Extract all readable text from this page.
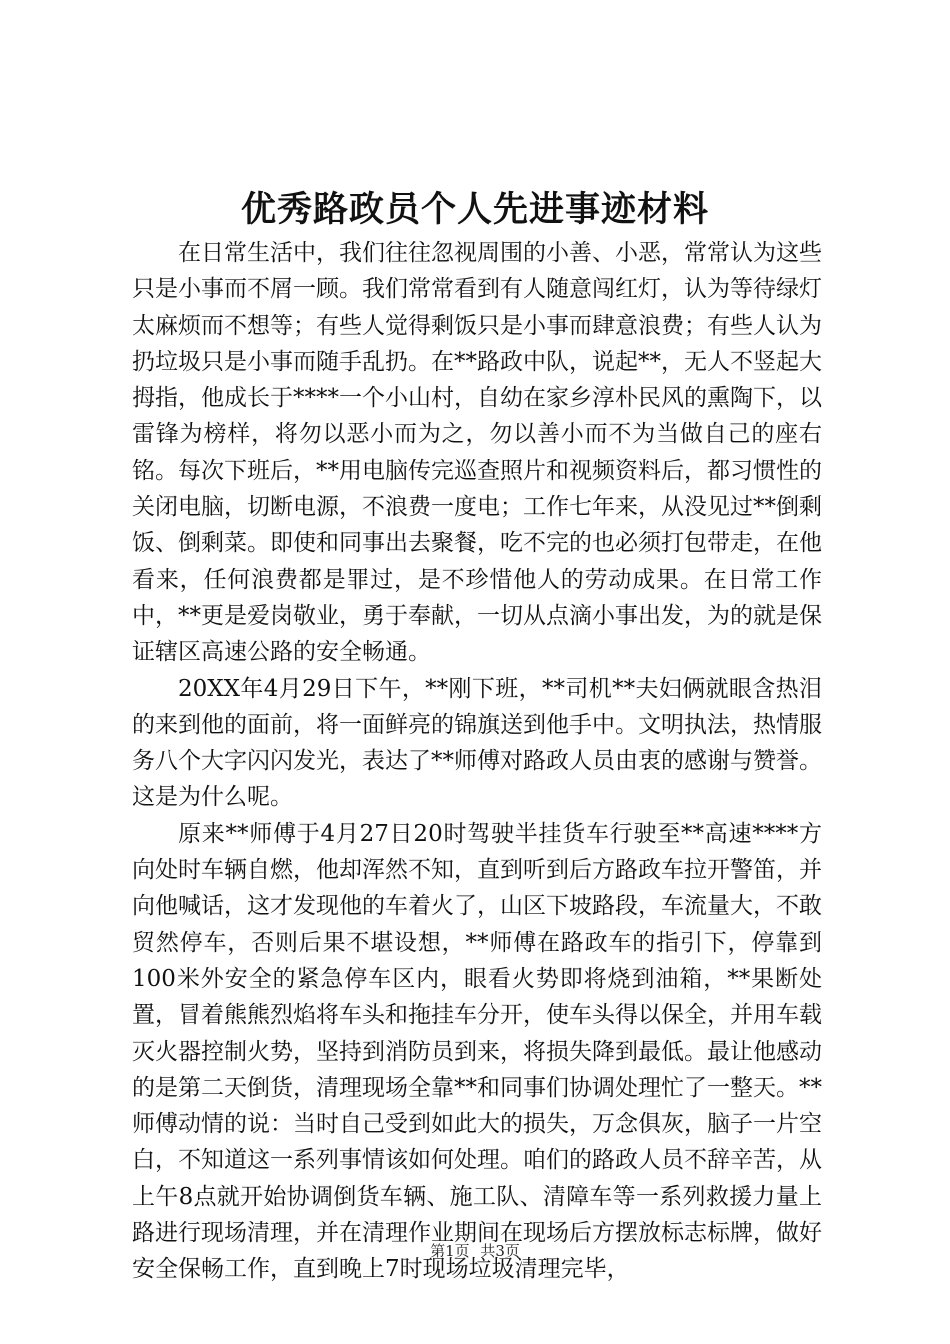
优秀路政员个人先进事迹材料

在日常生活中，我们往往忽视周围的小善、小恶，常常认为这些只是小事而不屑一顾。我们常常看到有人随意闯红灯，认为等待绿灯太麻烦而不想等；有些人觉得剩饭只是小事而肆意浪费；有些人认为扔垃圾只是小事而随手乱扔。在**路政中队，说起**，无人不竖起大拇指，他成长于****一个小山村，自幼在家乡淳朴民风的熏陶下，以雷锋为榜样，将勿以恶小而为之，勿以善小而不为当做自己的座右铭。每次下班后，**用电脑传完巡查照片和视频资料后，都习惯性的关闭电脑，切断电源，不浪费一度电；工作七年来，从没见过**倒剩饭、倒剩菜。即使和同事出去聚餐，吃不完的也必须打包带走，在他看来，任何浪费都是罪过，是不珍惜他人的劳动成果。在日常工作中，**更是爱岗敬业，勇于奉献，一切从点滴小事出发，为的就是保证辖区高速公路的安全畅通。

20XX年4月29日下午，**刚下班，**司机**夫妇俩就眼含热泪的来到他的面前，将一面鲜亮的锦旗送到他手中。文明执法，热情服务八个大字闪闪发光，表达了**师傅对路政人员由衷的感谢与赞誉。这是为什么呢。

原来**师傅于4月27日20时驾驶半挂货车行驶至**高速****方向处时车辆自燃，他却浑然不知，直到听到后方路政车拉开警笛，并向他喊话，这才发现他的车着火了，山区下坡路段，车流量大，不敢贸然停车，否则后果不堪设想，**师傅在路政车的指引下，停靠到100米外安全的紧急停车区内，眼看火势即将烧到油箱，**果断处置，冒着熊熊烈焰将车头和拖挂车分开，使车头得以保全，并用车载灭火器控制火势，坚持到消防员到来，将损失降到最低。最让他感动的是第二天倒货，清理现场全靠**和同事们协调处理忙了一整天。**师傅动情的说：当时自己受到如此大的损失，万念俱灰，脑子一片空白，不知道这一系列事情该如何处理。咱们的路政人员不辞辛苦，从上午8点就开始协调倒货车辆、施工队、清障车等一系列救援力量上路进行现场清理，并在清理作业期间在现场后方摆放标志标牌，做好安全保畅工作，直到晚上7时现场垃圾清理完毕，

第1页 共3页
